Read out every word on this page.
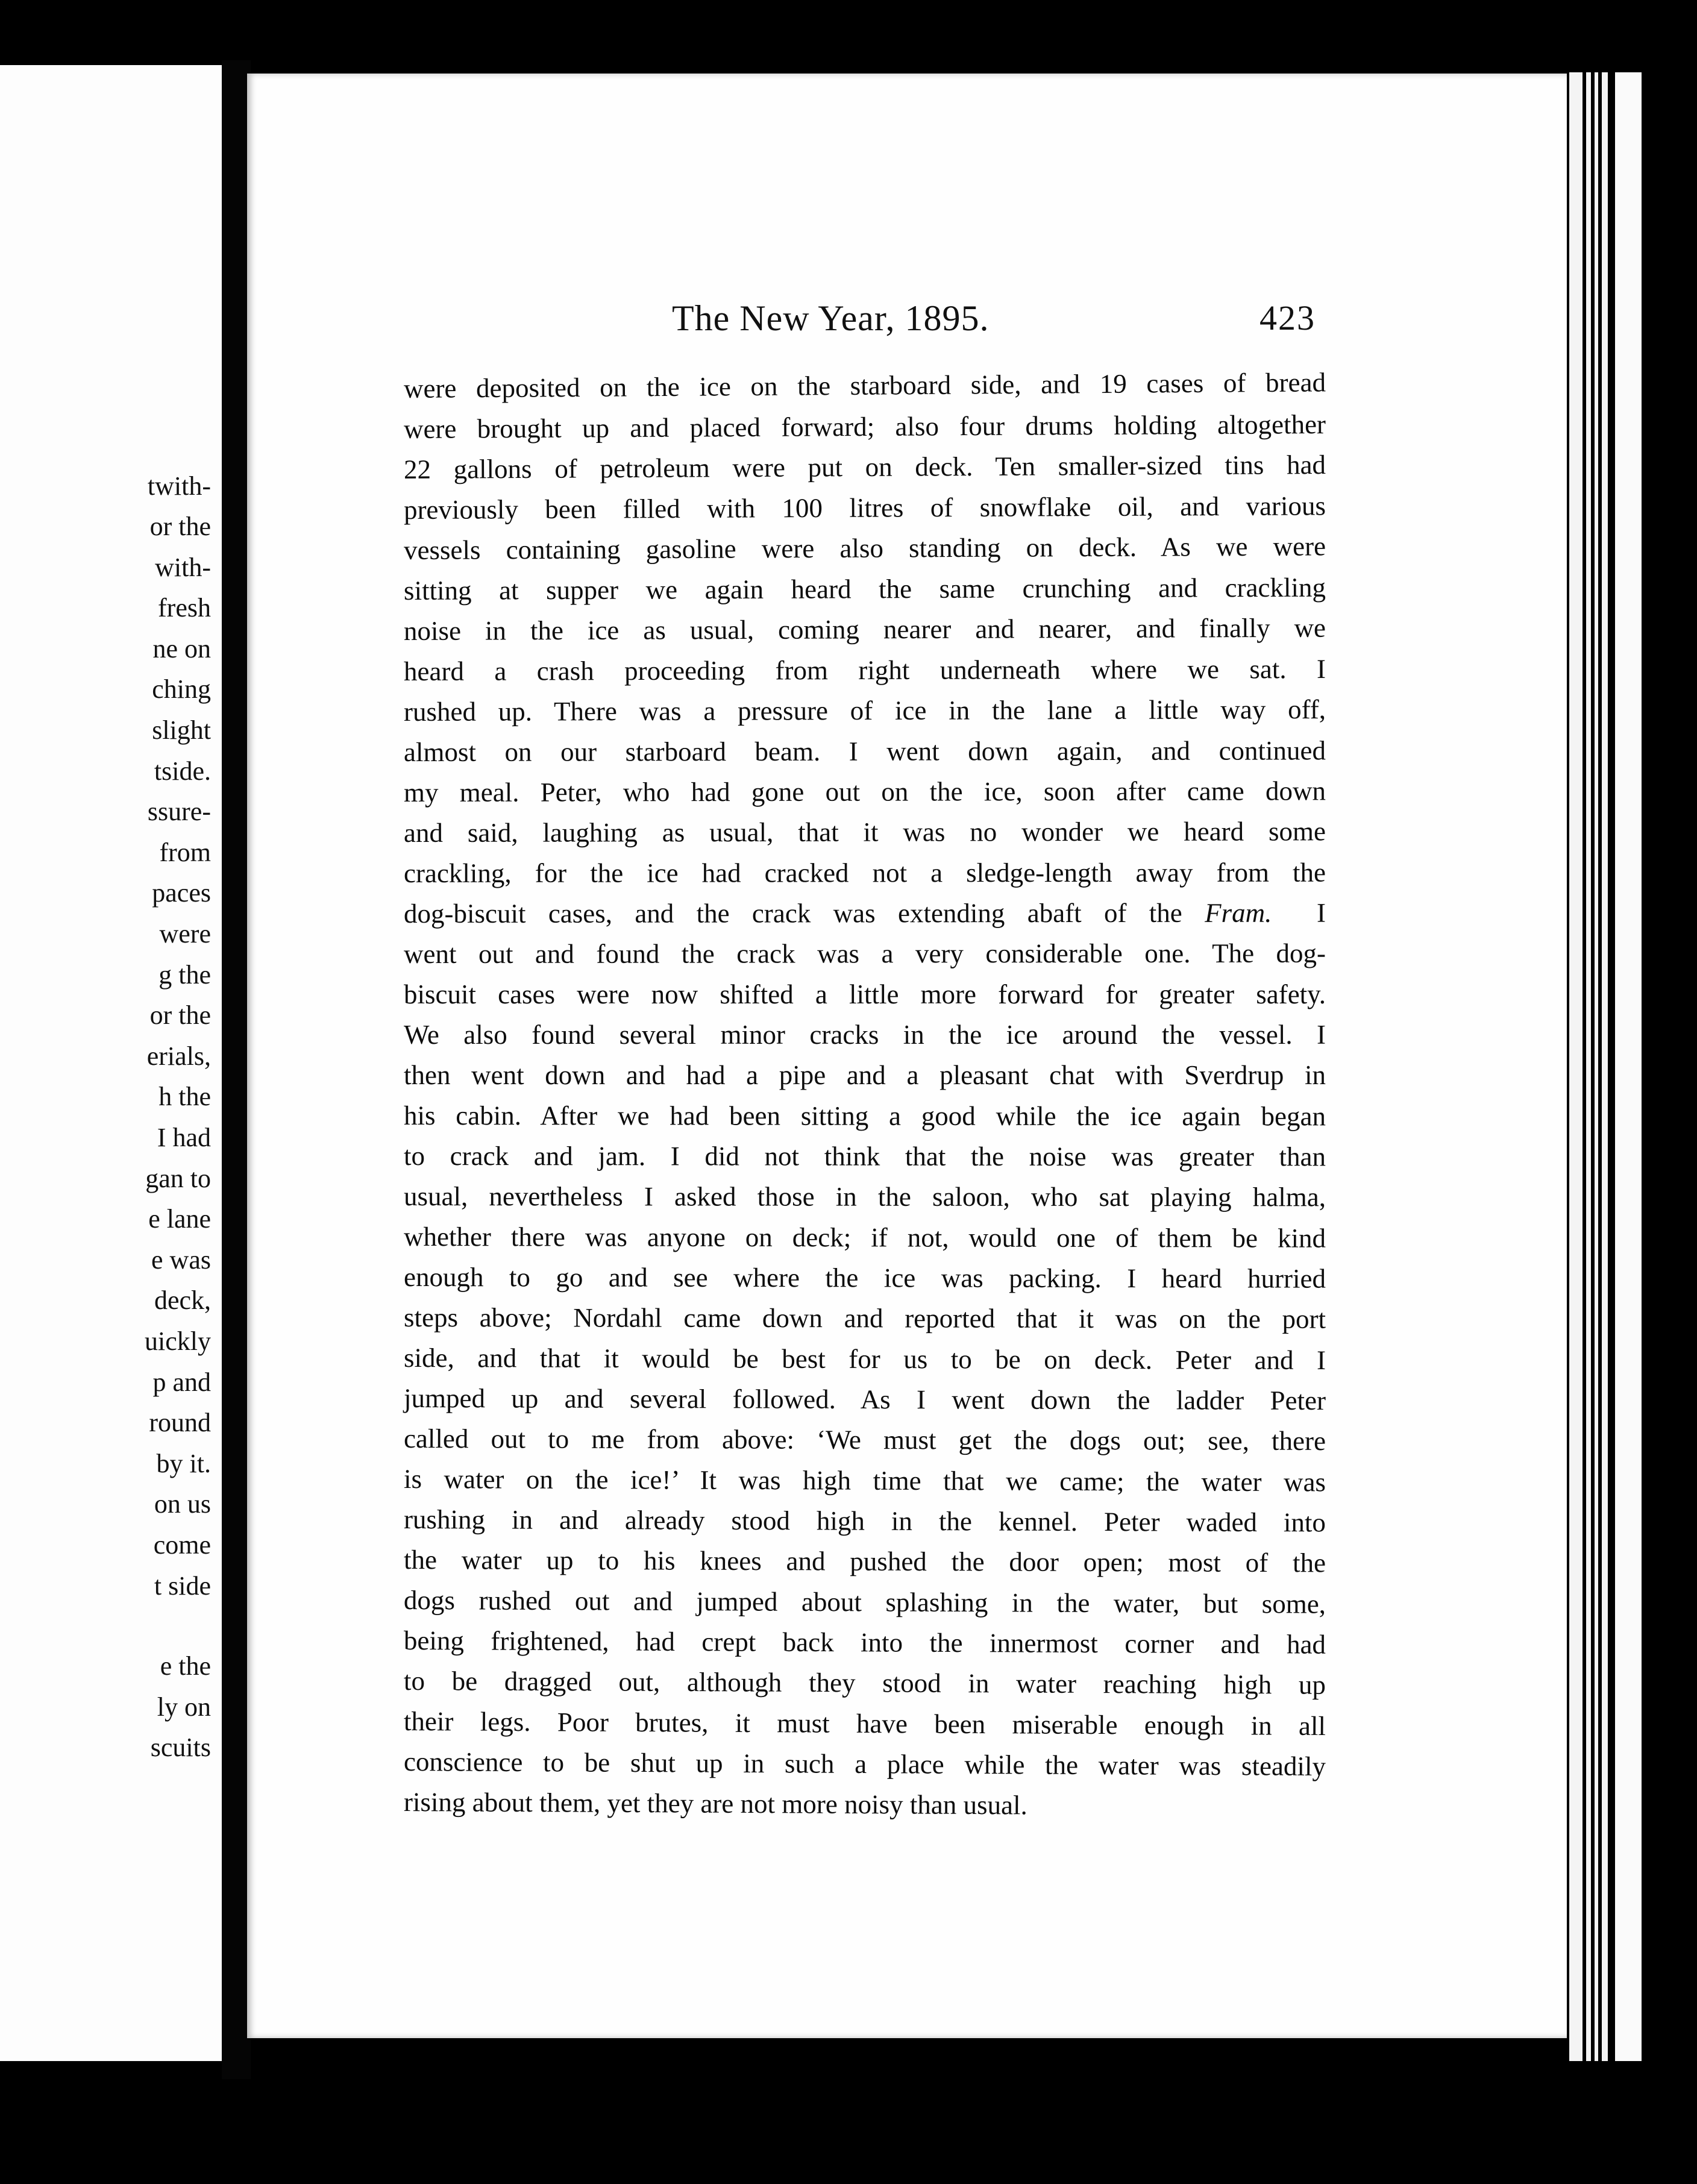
twith-
or the
with-
fresh
ne on
ching
slight
tside.
ssure-
from
paces
were
g the
or the
erials,
h the
I had
gan to
e lane
e was
deck,
uickly
p and
round
by it.
on us
come
t side
e the
ly on
scuits
The New Year, 1895.	423
were deposited on the ice on the starboard side, and 19 cases of bread
were brought up and placed forward; also four drums holding altogether
22 gallons of petroleum were put on deck. Ten smaller-sized tins had
previously been filled with 100 litres of snowflake oil, and various
vessels containing gasoline were also standing on deck. As we were
sitting at supper we again heard the same crunching and crackling
noise in the ice as usual, coming nearer and nearer, and finally we
heard a crash proceeding from right underneath where we sat. I
rushed up. There was a pressure of ice in the lane a little way off,
almost on our starboard beam. I went down again, and continued
my meal. Peter, who had gone out on the ice, soon after came down
and said, laughing as usual, that it was no wonder we heard some
crackling, for the ice had cracked not a sledge-length away from the
dog-biscuit cases, and the crack was extending abaft of the Fram. I
went out and found the crack was a very considerable one. The dog-
biscuit cases were now shifted a little more forward for greater safety.
We also found several minor cracks in the ice around the vessel. I
then went down and had a pipe and a pleasant chat with Sverdrup in
his cabin. After we had been sitting a good while the ice again began
to crack and jam. I did not think that the noise was greater than
usual, nevertheless I asked those in the saloon, who sat playing halma,
whether there was anyone on deck; if not, would one of them be kind
enough to go and see where the ice was packing. I heard hurried
steps above; Nordahl came down and reported that it was on the port
side, and that it would be best for us to be on deck. Peter and I
jumped up and several followed. As I went down the ladder Peter
called out to me from above: ‘We must get the dogs out; see, there
is water on the ice!’ It was high time that we came; the water was
rushing in and already stood high in the kennel. Peter waded into
the water up to his knees and pushed the door open; most of the
dogs rushed out and jumped about splashing in the water, but some,
being frightened, had crept back into the innermost corner and had
to be dragged out, although they stood in water reaching high up
their legs. Poor brutes, it must have been miserable enough in all
conscience to be shut up in such a place while the water was steadily
rising about them, yet they are not more noisy than usual.
